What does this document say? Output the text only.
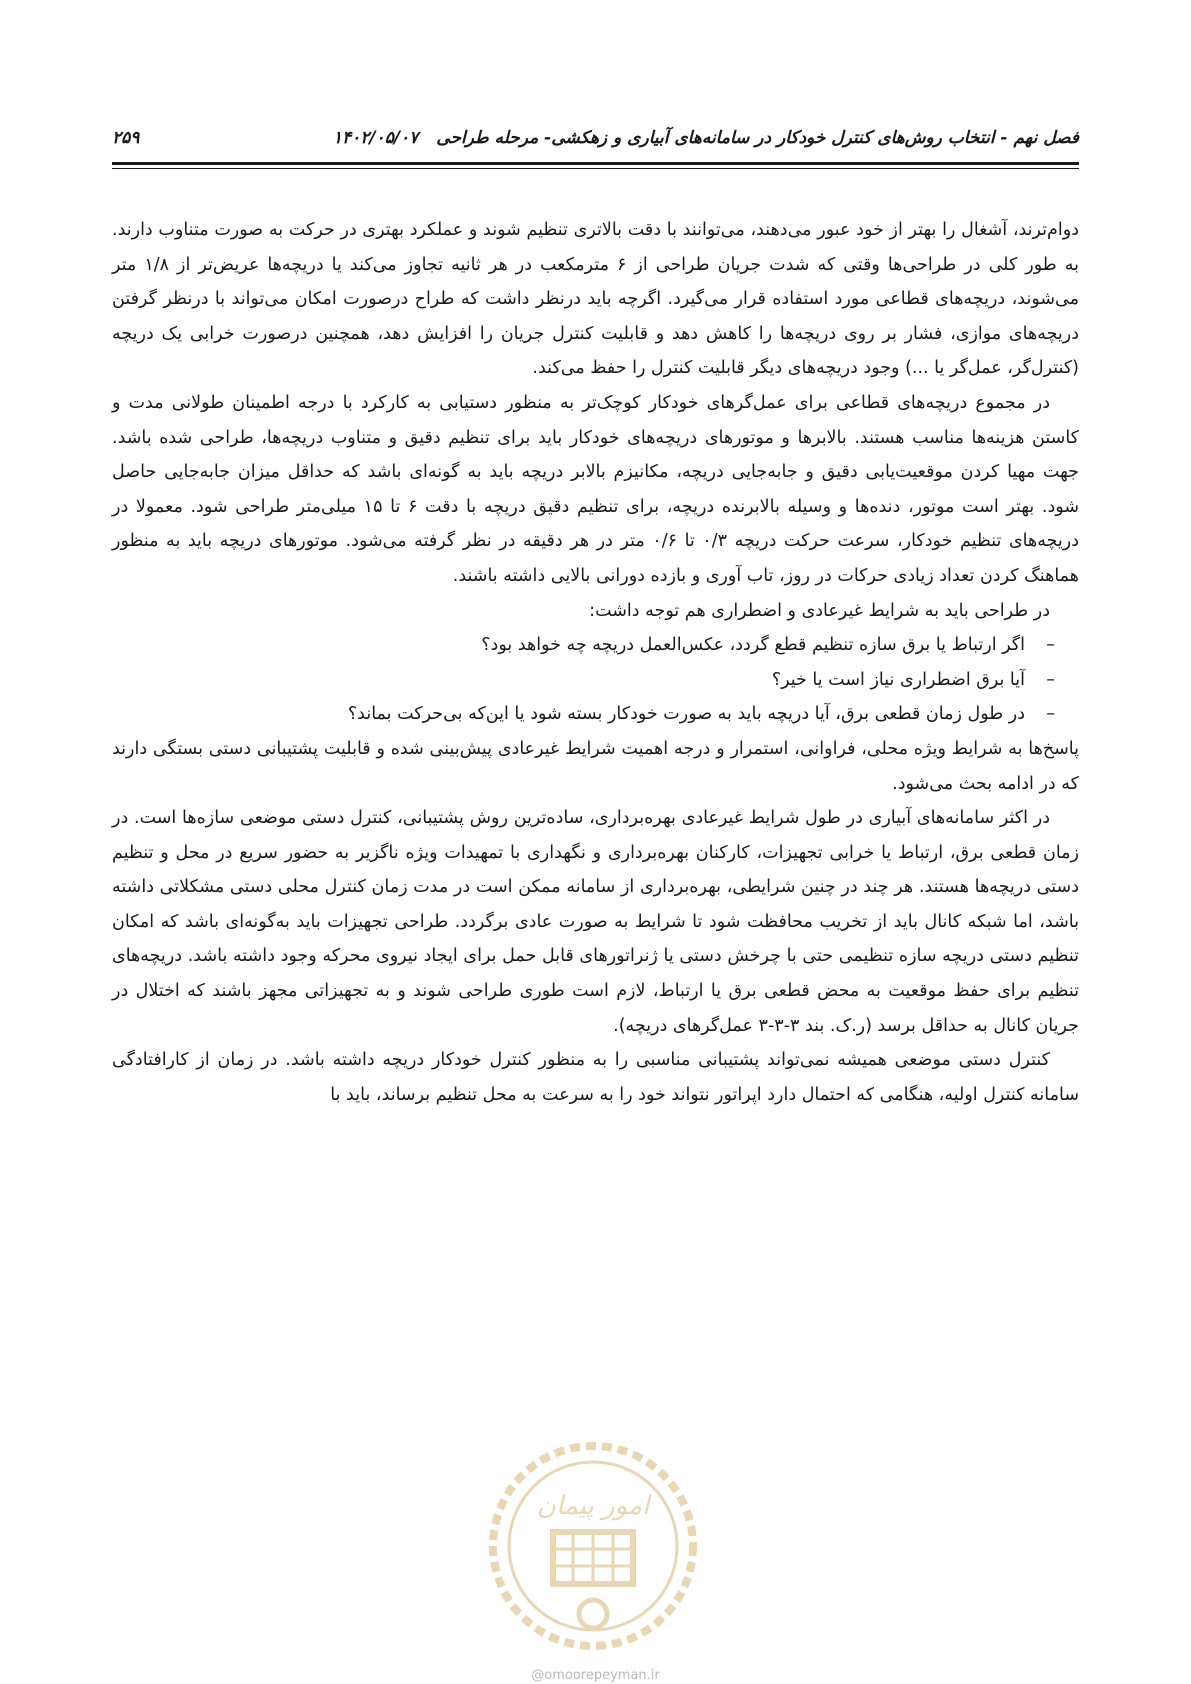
فصل نهم - انتخاب روش‌های کنترل خودکار در سامانه‌های آبیاری و زهکشی- مرحله طراحی۱۴۰۲/۰۵/۰۷
۲۵۹

دوام‌ترند، آشغال را بهتر از خود عبور می‌دهند، می‌توانند با دقت بالاتری تنظیم شوند و عملکرد بهتری در حرکت به صورت متناوب دارند. به طور کلی در طراحی‌ها وقتی که شدت جریان طراحی از ۶ مترمکعب در هر ثانیه تجاوز می‌کند یا دریچه‌ها عریض‌تر از ۱/۸ متر می‌شوند، دریچه‌های قطاعی مورد استفاده قرار می‌گیرد. اگرچه باید درنظر داشت که طراح درصورت امکان می‌تواند با درنظر گرفتن دریچه‌های موازی، فشار بر روی دریچه‌ها را کاهش دهد و قابلیت کنترل جریان را افزایش دهد، همچنین درصورت خرابی یک دریچه (کنترل‌گر، عمل‌گر یا ...) وجود دریچه‌های دیگر قابلیت کنترل را حفظ می‌کند.

در مجموع دریچه‌های قطاعی برای عمل‌گرهای خودکار کوچک‌تر به منظور دستیابی به کارکرد با درجه اطمینان طولانی مدت و کاستن هزینه‌ها مناسب هستند. بالابرها و موتورهای دریچه‌های خودکار باید برای تنظیم دقیق و متناوب دریچه‌ها، طراحی شده باشد. جهت مهیا کردن موقعیت‌یابی دقیق و جابه‌جایی دریچه، مکانیزم بالابر دریچه باید به گونه‌ای باشد که حداقل میزان جابه‌جایی حاصل شود. بهتر است موتور، دنده‌ها و وسیله بالابرنده دریچه، برای تنظیم دقیق دریچه با دقت ۶ تا ۱۵ میلی‌متر طراحی شود. معمولا در دریچه‌های تنظیم خودکار، سرعت حرکت دریچه ۰/۳ تا ۰/۶ متر در هر دقیقه در نظر گرفته می‌شود. موتورهای دریچه باید به منظور هماهنگ کردن تعداد زیادی حرکات در روز، تاب آوری و بازده دورانی بالایی داشته باشند.

در طراحی باید به شرایط غیرعادی و اضطراری هم توجه داشت:

–اگر ارتباط یا برق سازه تنظیم قطع گردد، عکس‌العمل دریچه چه خواهد بود؟
–آیا برق اضطراری نیاز است یا خیر؟
–در طول زمان قطعی برق، آیا دریچه باید به صورت خودکار بسته شود یا این‌که بی‌حرکت بماند؟

پاسخ‌ها به شرایط ویژه محلی، فراوانی، استمرار و درجه اهمیت شرایط غیرعادی پیش‌بینی شده و قابلیت پشتیبانی دستی بستگی دارند که در ادامه بحث می‌شود.

در اکثر سامانه‌های آبیاری در طول شرایط غیرعادی بهره‌برداری، ساده‌ترین روش پشتیبانی، کنترل دستی موضعی سازه‌ها است. در زمان قطعی برق، ارتباط یا خرابی تجهیزات، کارکنان بهره‌برداری و نگهداری با تمهیدات ویژه ناگزیر به حضور سریع در محل و تنظیم دستی دریچه‌ها هستند. هر چند در چنین شرایطی، بهره‌برداری از سامانه ممکن است در مدت زمان کنترل محلی دستی مشکلاتی داشته باشد، اما شبکه کانال باید از تخریب محافظت شود تا شرایط به صورت عادی برگردد. طراحی تجهیزات باید به‌گونه‌ای باشد که امکان تنظیم دستی دریچه سازه تنظیمی حتی با چرخش دستی یا ژنراتورهای قابل حمل برای ایجاد نیروی محرکه وجود داشته باشد. دریچه‌های تنظیم برای حفظ موقعیت به محض قطعی برق یا ارتباط، لازم است طوری طراحی شوند و به تجهیزاتی مجهز باشند که اختلال در جریان کانال به حداقل برسد (ر.ک. بند ۳-۳-۳ عمل‌گرهای دریچه).

کنترل دستی موضعی همیشه نمی‌تواند پشتیبانی مناسبی را به منظور کنترل خودکار دریچه داشته باشد. در زمان از کارافتادگی سامانه کنترل اولیه، هنگامی که احتمال دارد اپراتور نتواند خود را به سرعت به محل تنظیم برساند، باید با

امور پیمان
@omoorepeyman.ir
